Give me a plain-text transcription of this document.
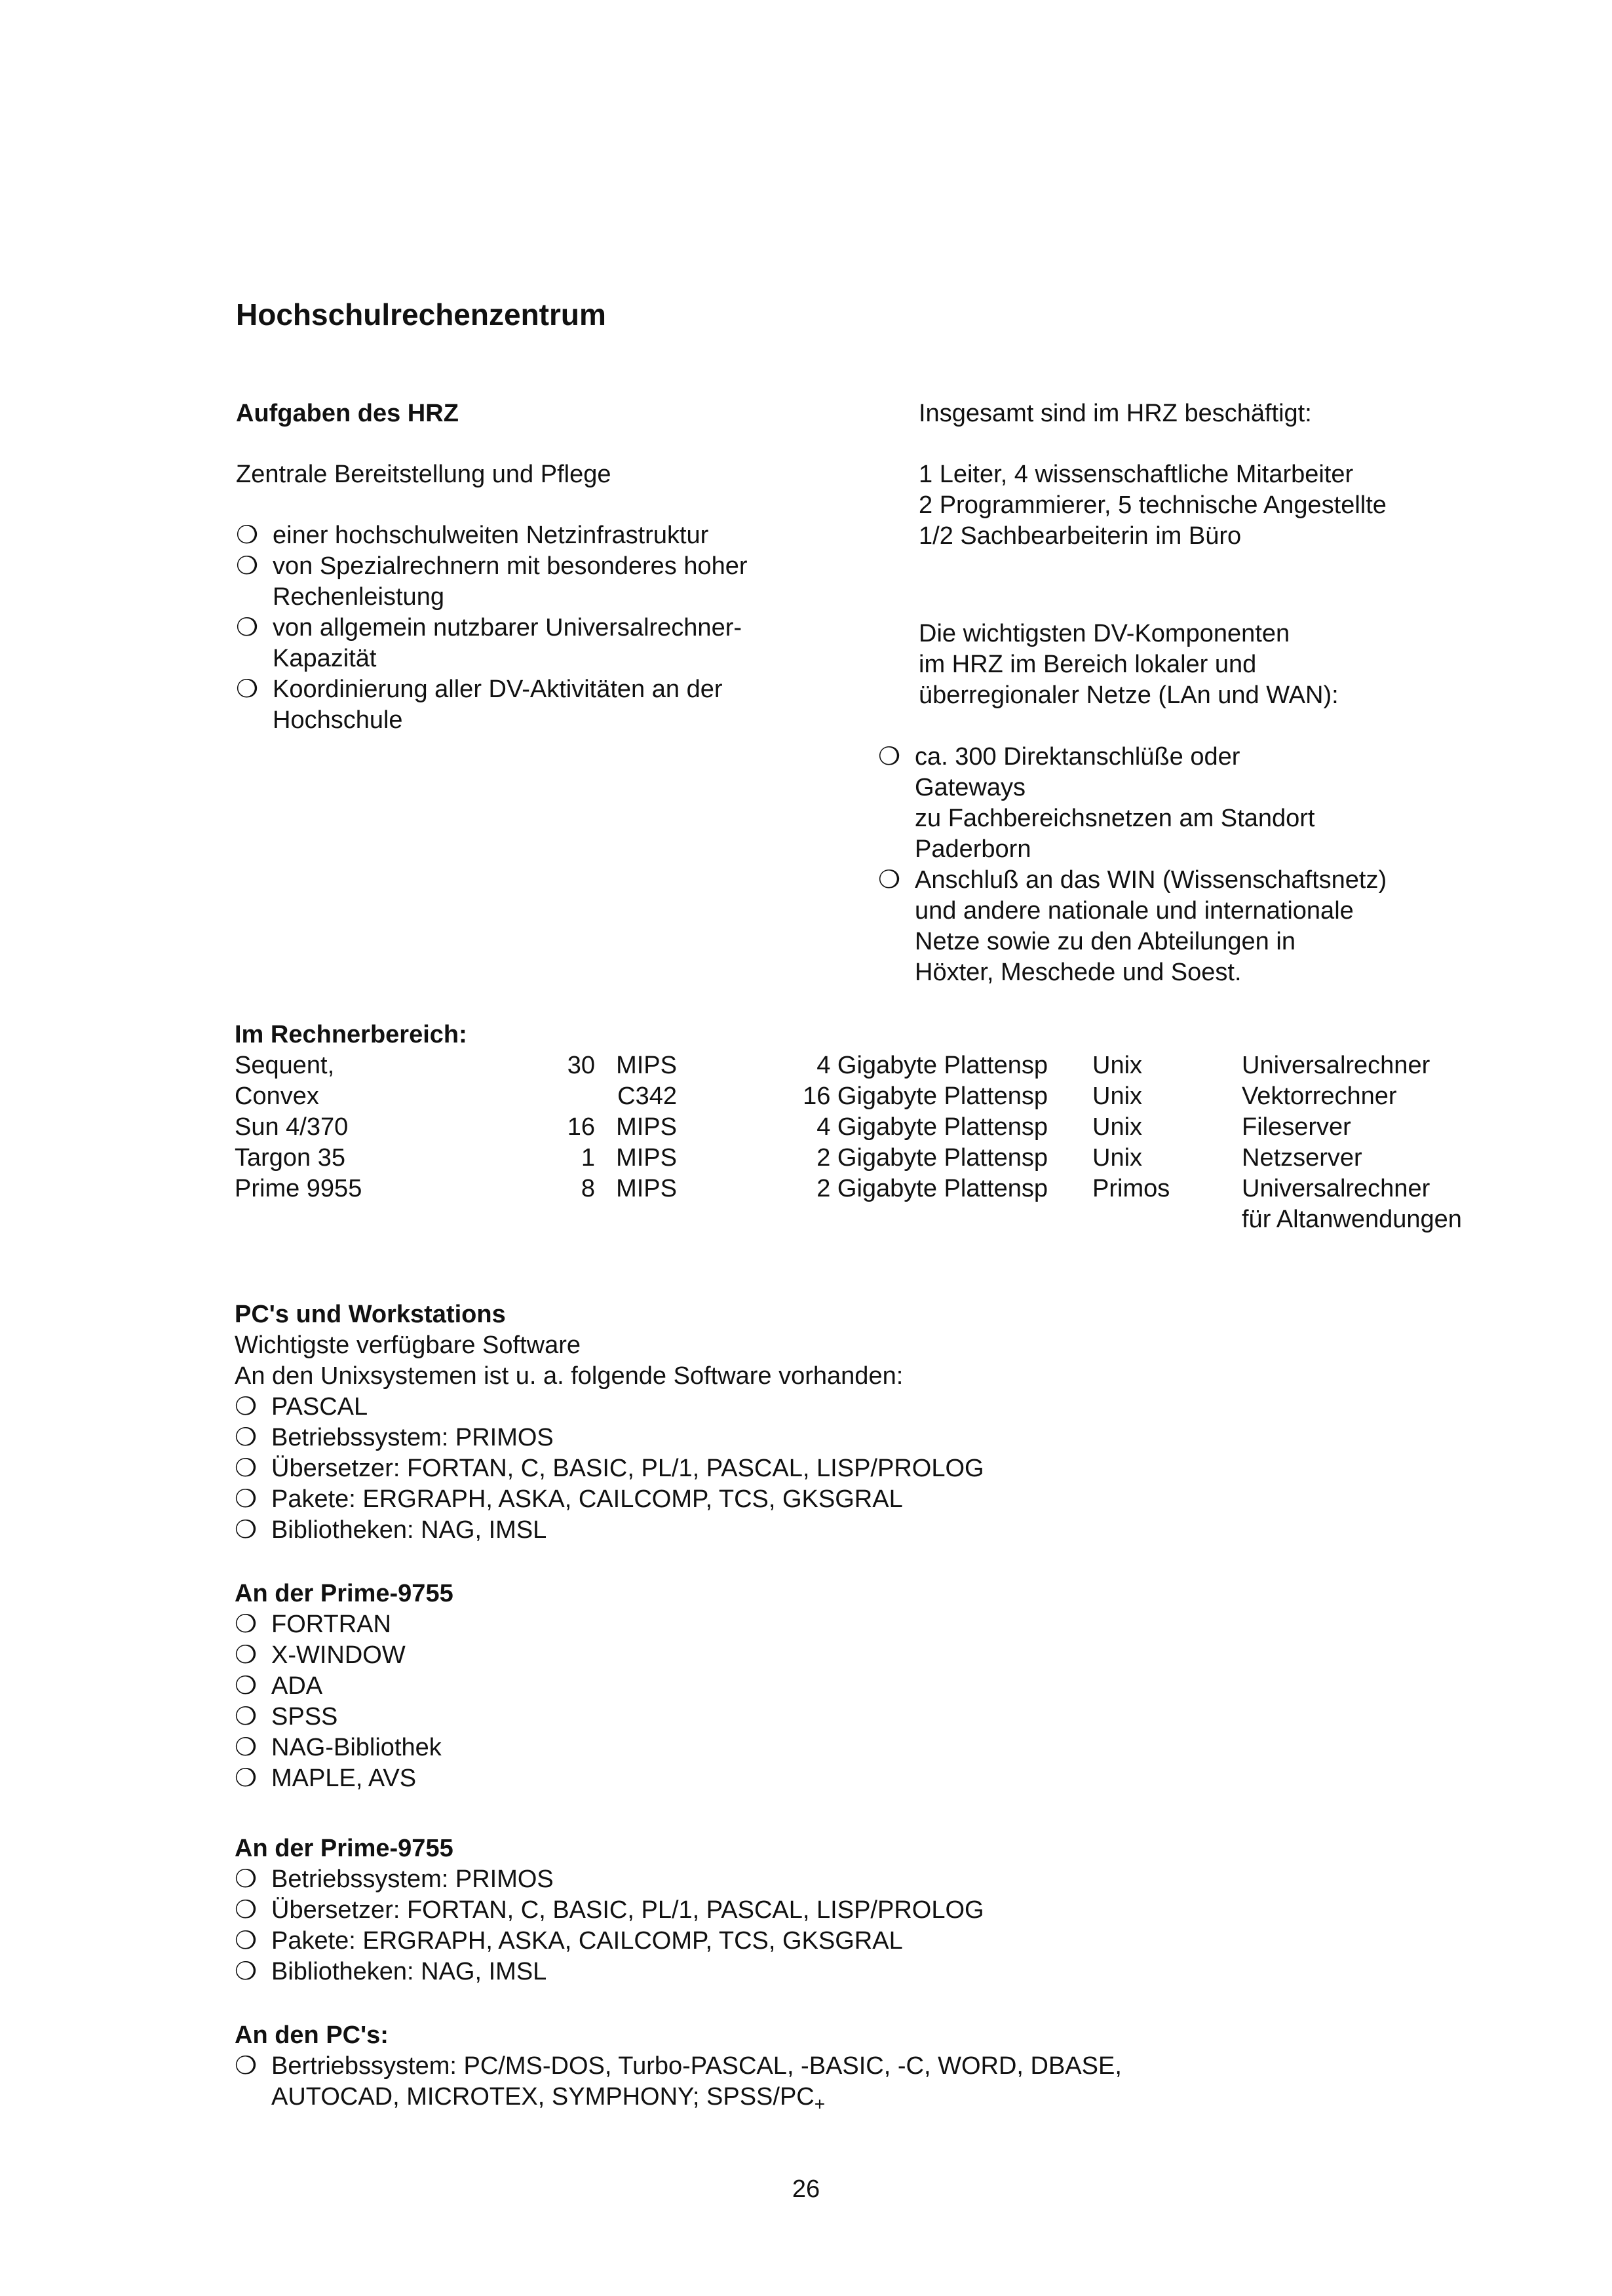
Hochschulrechenzentrum
Aufgaben des HRZ
Zentrale Bereitstellung und Pflege
❍ einer hochschulweiten Netzinfrastruktur
❍ von Spezialrechnern mit besonderes hoher
Rechenleistung
❍ von allgemein nutzbarer Universalrechner-
Kapazität
❍ Koordinierung aller DV-Aktivitäten an der
Hochschule
Insgesamt sind im HRZ beschäftigt:
1 Leiter, 4 wissenschaftliche Mitarbeiter
2 Programmierer, 5 technische Angestellte
1/2 Sachbearbeiterin im Büro
Die wichtigsten DV-Komponenten
im HRZ im Bereich lokaler und
überregionaler Netze (LAn und WAN):
❍ ca. 300 Direktanschlüße oder
Gateways
zu Fachbereichsnetzen am Standort
Paderborn
❍ Anschluß an das WIN (Wissenschaftsnetz)
und andere nationale und internationale
Netze sowie zu den Abteilungen in
Höxter, Meschede und Soest.
Im Rechnerbereich:
Sequent,	30	MIPS	4 Gigabyte Plattensp	Unix	Universalrechner

Convex		C342	16 Gigabyte Plattensp	Unix	Vektorrechner

Sun 4/370	16	MIPS	4 Gigabyte Plattensp	Unix	Fileserver

Targon 35	1	MIPS	2 Gigabyte Plattensp	Unix	Netzserver

Prime 9955	8	MIPS	2 Gigabyte Plattensp	Primos	Universalrechner
für Altanwendungen
PC's und Workstations
Wichtigste verfügbare Software
An den Unixsystemen ist u. a. folgende Software vorhanden:
❍ PASCAL
❍ Betriebssystem: PRIMOS
❍ Übersetzer: FORTAN, C, BASIC, PL/1, PASCAL, LISP/PROLOG
❍ Pakete: ERGRAPH, ASKA, CAILCOMP, TCS, GKSGRAL
❍ Bibliotheken: NAG, IMSL
An der Prime-9755
❍ FORTRAN
❍ X-WINDOW
❍ ADA
❍ SPSS
❍ NAG-Bibliothek
❍ MAPLE, AVS
An der Prime-9755
❍ Betriebssystem: PRIMOS
❍ Übersetzer: FORTAN, C, BASIC, PL/1, PASCAL, LISP/PROLOG
❍ Pakete: ERGRAPH, ASKA, CAILCOMP, TCS, GKSGRAL
❍ Bibliotheken: NAG, IMSL
An den PC's:
❍ Bertriebssystem: PC/MS-DOS, Turbo-PASCAL, -BASIC, -C, WORD, DBASE,
AUTOCAD, MICROTEX, SYMPHONY; SPSS/$PC_+$
26
